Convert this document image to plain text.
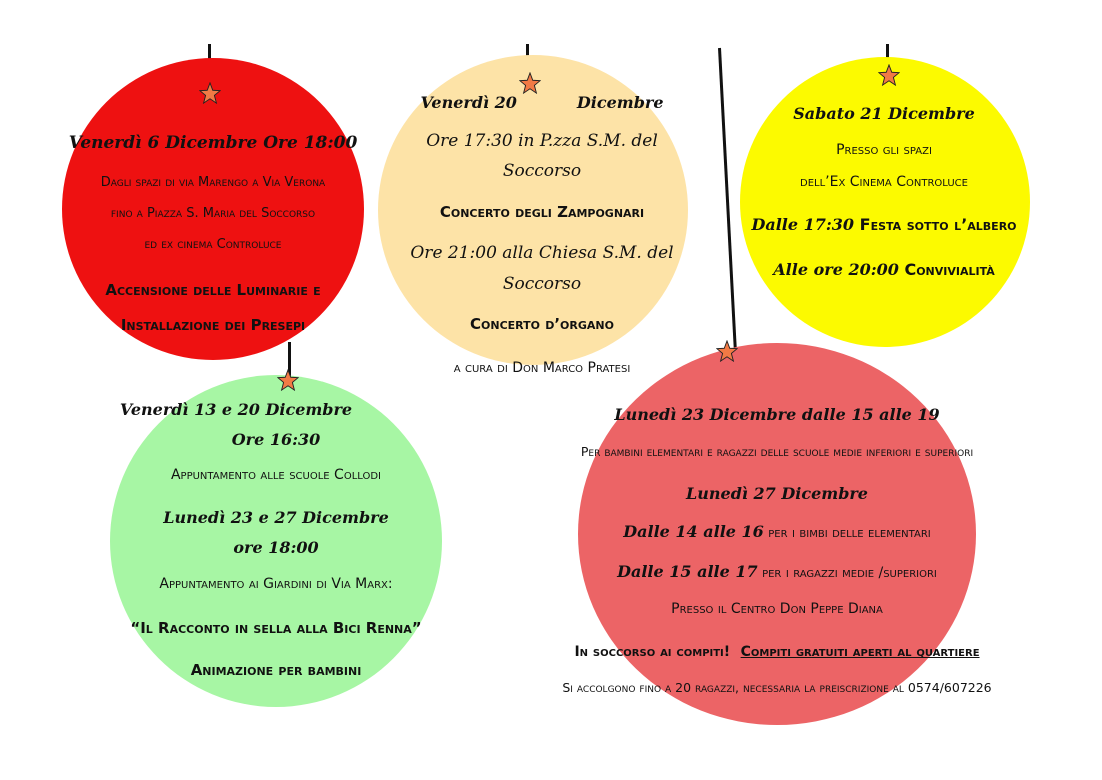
Venerdì 6 Dicembre Ore 18:00
Dagli spazi di via Marengo a Via Verona
fino a Piazza S. Maria del Soccorso
ed ex cinema Controluce
Accensione delle Luminarie e
Installazione dei Presepi
Venerdì 20	Dicembre
Ore 17:30 in P.zza S.M. del
Soccorso
Concerto degli Zampognari
Ore 21:00 alla Chiesa S.M. del
Soccorso
Concerto d’organo
a cura di Don Marco Pratesi
Sabato 21 Dicembre
Presso gli spazi
dell’Ex Cinema Controluce
Dalle 17:30 Festa sotto l’albero
Alle ore 20:00 Convivialità
Venerdì 13 e 20 Dicembre
Ore 16:30
Appuntamento alle scuole Collodi
Lunedì 23 e 27 Dicembre
ore 18:00
Appuntamento ai Giardini di Via Marx:
“Il Racconto in sella alla Bici Renna”
Animazione per bambini
Lunedì 23 Dicembre dalle 15 alle 19
Per bambini elementari e ragazzi delle scuole medie inferiori e superiori
Lunedì 27 Dicembre
Dalle 14 alle 16 per i bimbi delle elementari
Dalle 15 alle 17 per i ragazzi medie /superiori
Presso il Centro Don Peppe Diana
In soccorso ai compiti! Compiti gratuiti aperti al quartiere
Si accolgono fino a 20 ragazzi, necessaria la preiscrizione al 0574/607226
